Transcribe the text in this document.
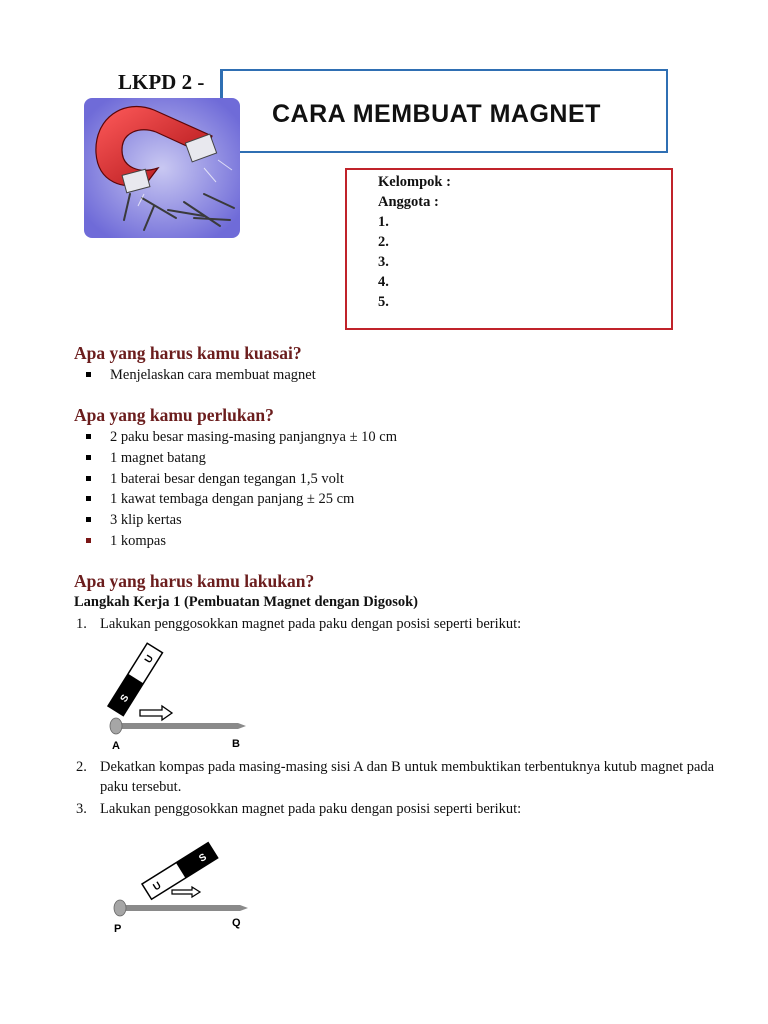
LKPD 2 -
CARA MEMBUAT MAGNET
Kelompok :
Anggota :
1.
2.
3.
4.
5.
Apa yang harus kamu kuasai?
Menjelaskan cara membuat magnet
Apa yang kamu perlukan?
2 paku besar masing-masing panjangnya ± 10 cm
1 magnet batang
1 baterai besar dengan tegangan 1,5 volt
1 kawat tembaga dengan panjang ± 25 cm
3 klip kertas
1 kompas
Apa yang harus kamu lakukan?
Langkah Kerja 1 (Pembuatan Magnet dengan Digosok)
1. Lakukan penggosokkan magnet pada paku dengan posisi seperti berikut:
S
U
A	B
2. Dekatkan kompas pada masing-masing sisi A dan B untuk membuktikan terbentuknya kutub magnet pada paku tersebut.
3. Lakukan penggosokkan magnet pada paku dengan posisi seperti berikut:
U
S
P	Q
